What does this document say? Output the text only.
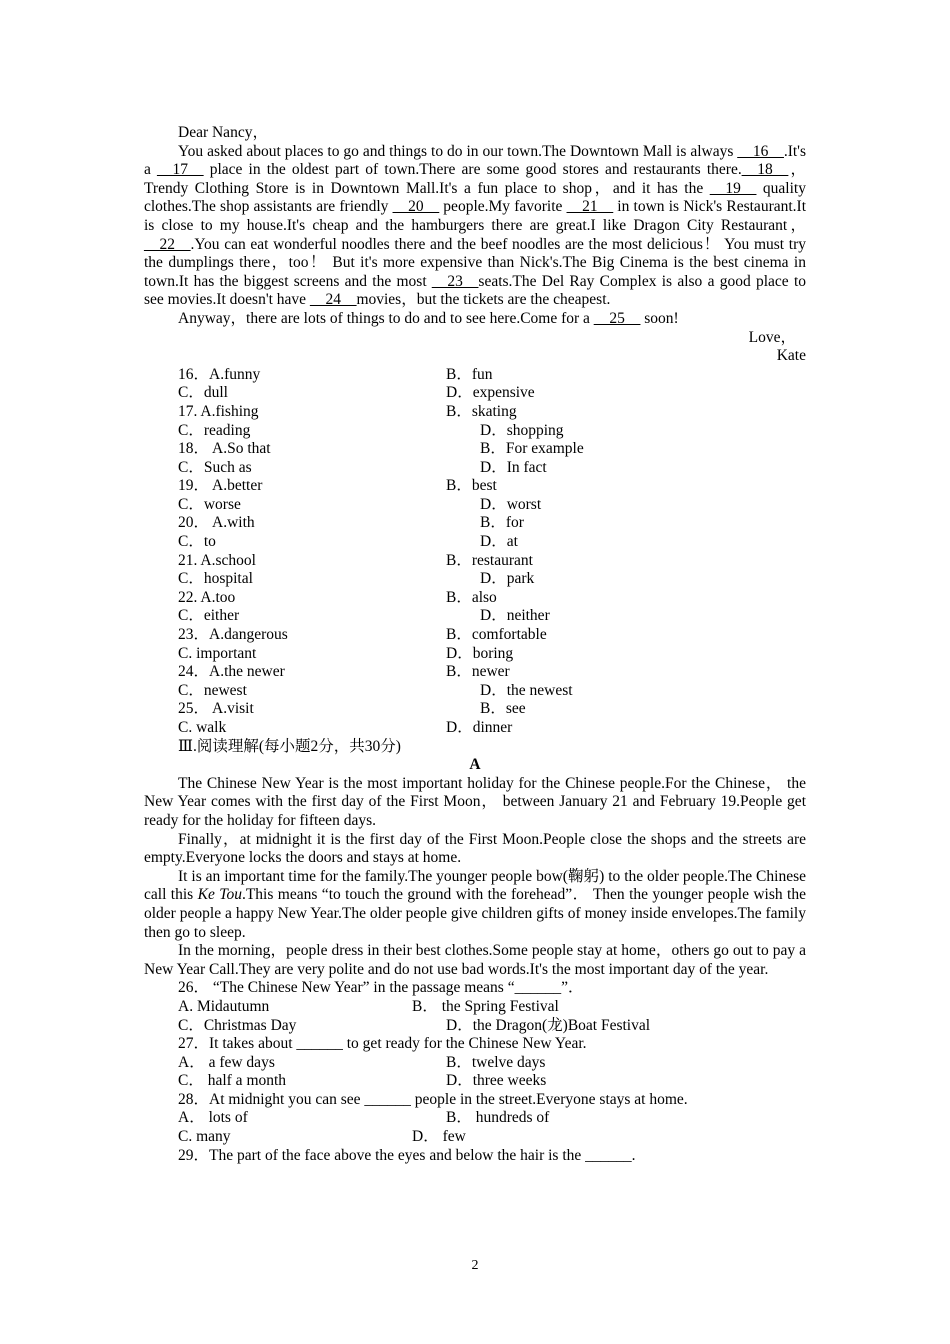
Dear Nancy，

You asked about places to go and things to do in our town.The Downtown Mall is always __16__.It's a __17__ place in the oldest part of town.There are some good stores and restaurants there.__18__，Trendy Clothing Store is in Downtown Mall.It's a fun place to shop，and it has the __19__ quality clothes.The shop assistants are friendly __20__ people.My favorite __21__ in town is Nick's Restaurant.It is close to my house.It's cheap and the hamburgers there are great.I like Dragon City Restaurant，__22__.You can eat wonderful noodles there and the beef noodles are the most delicious！ You must try the dumplings there，too！ But it's more expensive than Nick's.The Big Cinema is the best cinema in town.It has the biggest screens and the most __23__seats.The Del Ray Complex is also a good place to see movies.It doesn't have __24__movies，but the tickets are the cheapest.

Anyway，there are lots of things to do and to see here.Come for a __25__ soon!

Love，

Kate

16．A.funny	B．fun
C．dull	D．expensive
17. A.fishing	B．skating
C．reading	D．shopping
18． A.So that	B．For example
C．Such as	D．In fact
19． A.better	B．best
C．worse	D．worst
20． A.with	B．for
C．to	D．at
21. A.school	B．restaurant
C．hospital	D．park
22. A.too	B．also
C．either	D．neither
23．A.dangerous	B．comfortable
C. important	D．boring
24．A.the newer	B．newer
C．newest	D．the newest
25． A.visit	B．see
C. walk	D．dinner

Ⅲ.阅读理解(每小题2分，共30分)

A

The Chinese New Year is the most important holiday for the Chinese people.For the Chinese， the New Year comes with the first day of the First Moon， between January 21 and February 19.People get ready for the holiday for fifteen days.

Finally，at midnight it is the first day of the First Moon.People close the shops and the streets are empty.Everyone locks the doors and stays at home.

It is an important time for the family.The younger people bow(鞠躬) to the older people.The Chinese call this Ke Tou.This means “to touch the ground with the forehead”． Then the younger people wish the older people a happy New Year.The older people give children gifts of money inside envelopes.The family then go to sleep.

In the morning，people dress in their best clothes.Some people stay at home，others go out to pay a New Year Call.They are very polite and do not use bad words.It's the most important day of the year.

26． “The Chinese New Year” in the passage means “______”．

A. Midautumn	B． the Spring Festival
C．Christmas Day	D．the Dragon(龙)Boat Festival

27．It takes about ______ to get ready for the Chinese New Year.

A． a few days	B．twelve days
C． half a month	D．three weeks

28．At midnight you can see ______ people in the street.Everyone stays at home.

A． lots of	B． hundreds of
C. many	D． few

29．The part of the face above the eyes and below the hair is the ______.

2
